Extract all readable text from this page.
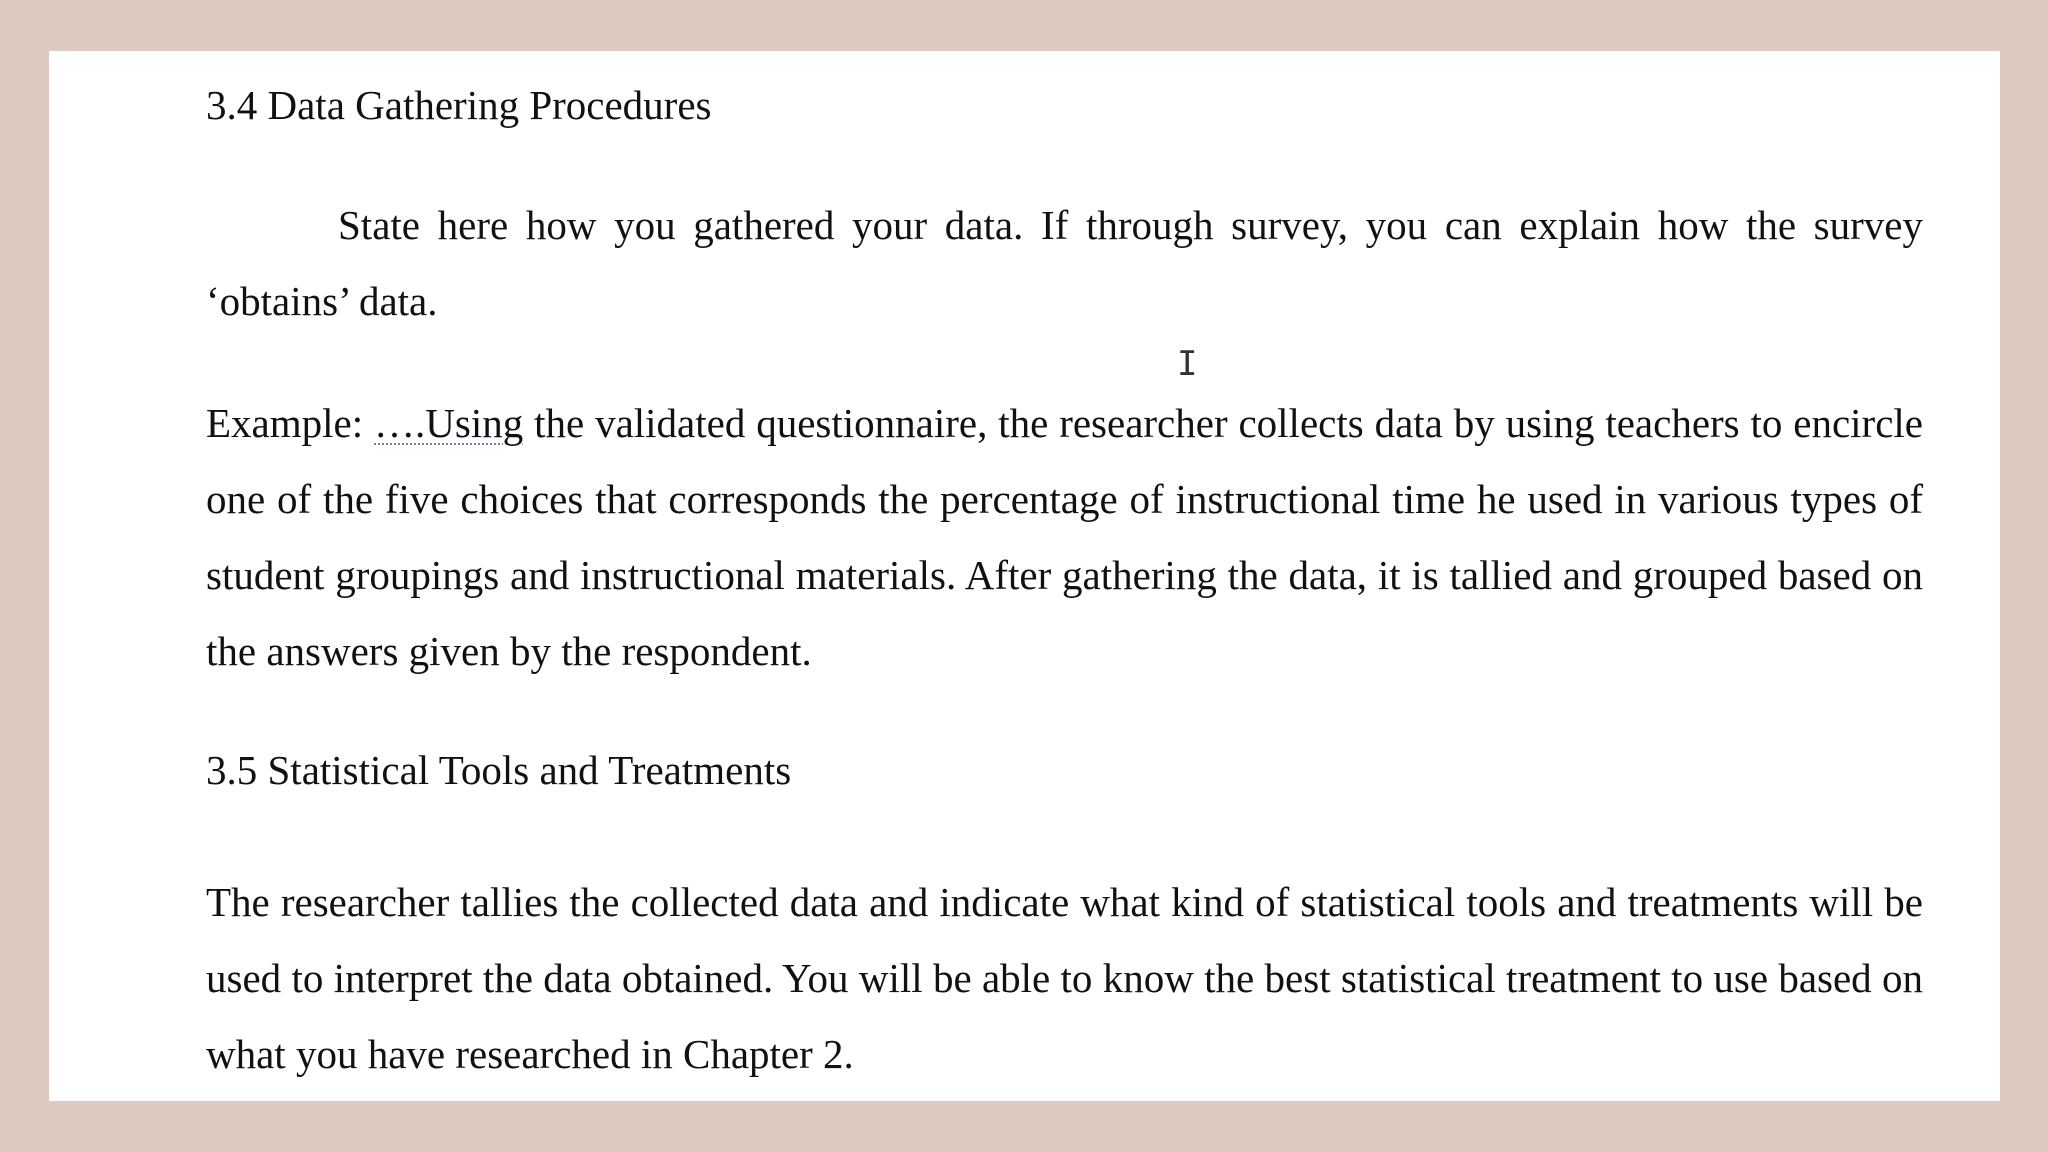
3.4 Data Gathering Procedures

State here how you gathered your data. If through survey, you can explain how the survey ‘obtains’ data.

Example: ….Using the validated questionnaire, the researcher collects data by using teachers to encircle one of the five choices that corresponds the percentage of instructional time he used in various types of student groupings and instructional materials. After gathering the data, it is tallied and grouped based on the answers given by the respondent.

3.5 Statistical Tools and Treatments

The researcher tallies the collected data and indicate what kind of statistical tools and treatments will be used to interpret the data obtained. You will be able to know the best statistical treatment to use based on what you have researched in Chapter 2.

I
